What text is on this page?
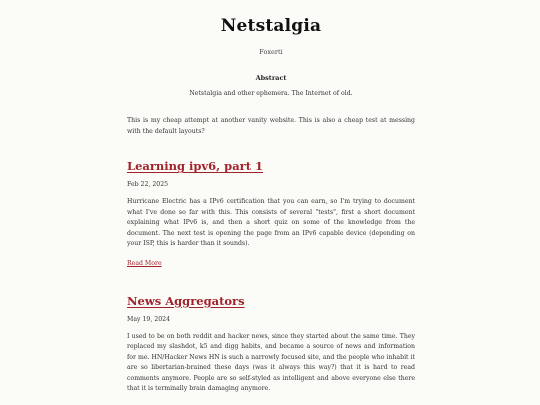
Netstalgia
Foxerti
Abstract
Netstalgia and other ephemera. The Internet of old.
This is my cheap attempt at another vanity website. This is also a cheap test at messing with the default layouts?
Learning ipv6, part 1
Feb 22, 2025
Hurricane Electric has a IPv6 certification that you can earn, so I'm trying to document what I've done so far with this. This consists of several "tests", first a short document explaining what IPv6 is, and then a short quiz on some of the knowledge from the document. The next test is opening the page from an IPv6 capable device (depending on your ISP, this is harder than it sounds).
Read More
News Aggregators
May 19, 2024
I used to be on both reddit and hacker news, since they started about the same time. They replaced my slashdot, k5 and digg habits, and became a source of news and information for me. HN/Hacker News HN is such a narrowly focused site, and the people who inhabit it are so libertarian-brained these days (was it always this way?) that it is hard to read comments anymore. People are so self-styled as intelligent and above everyone else there that it is terminally brain damaging anymore.
